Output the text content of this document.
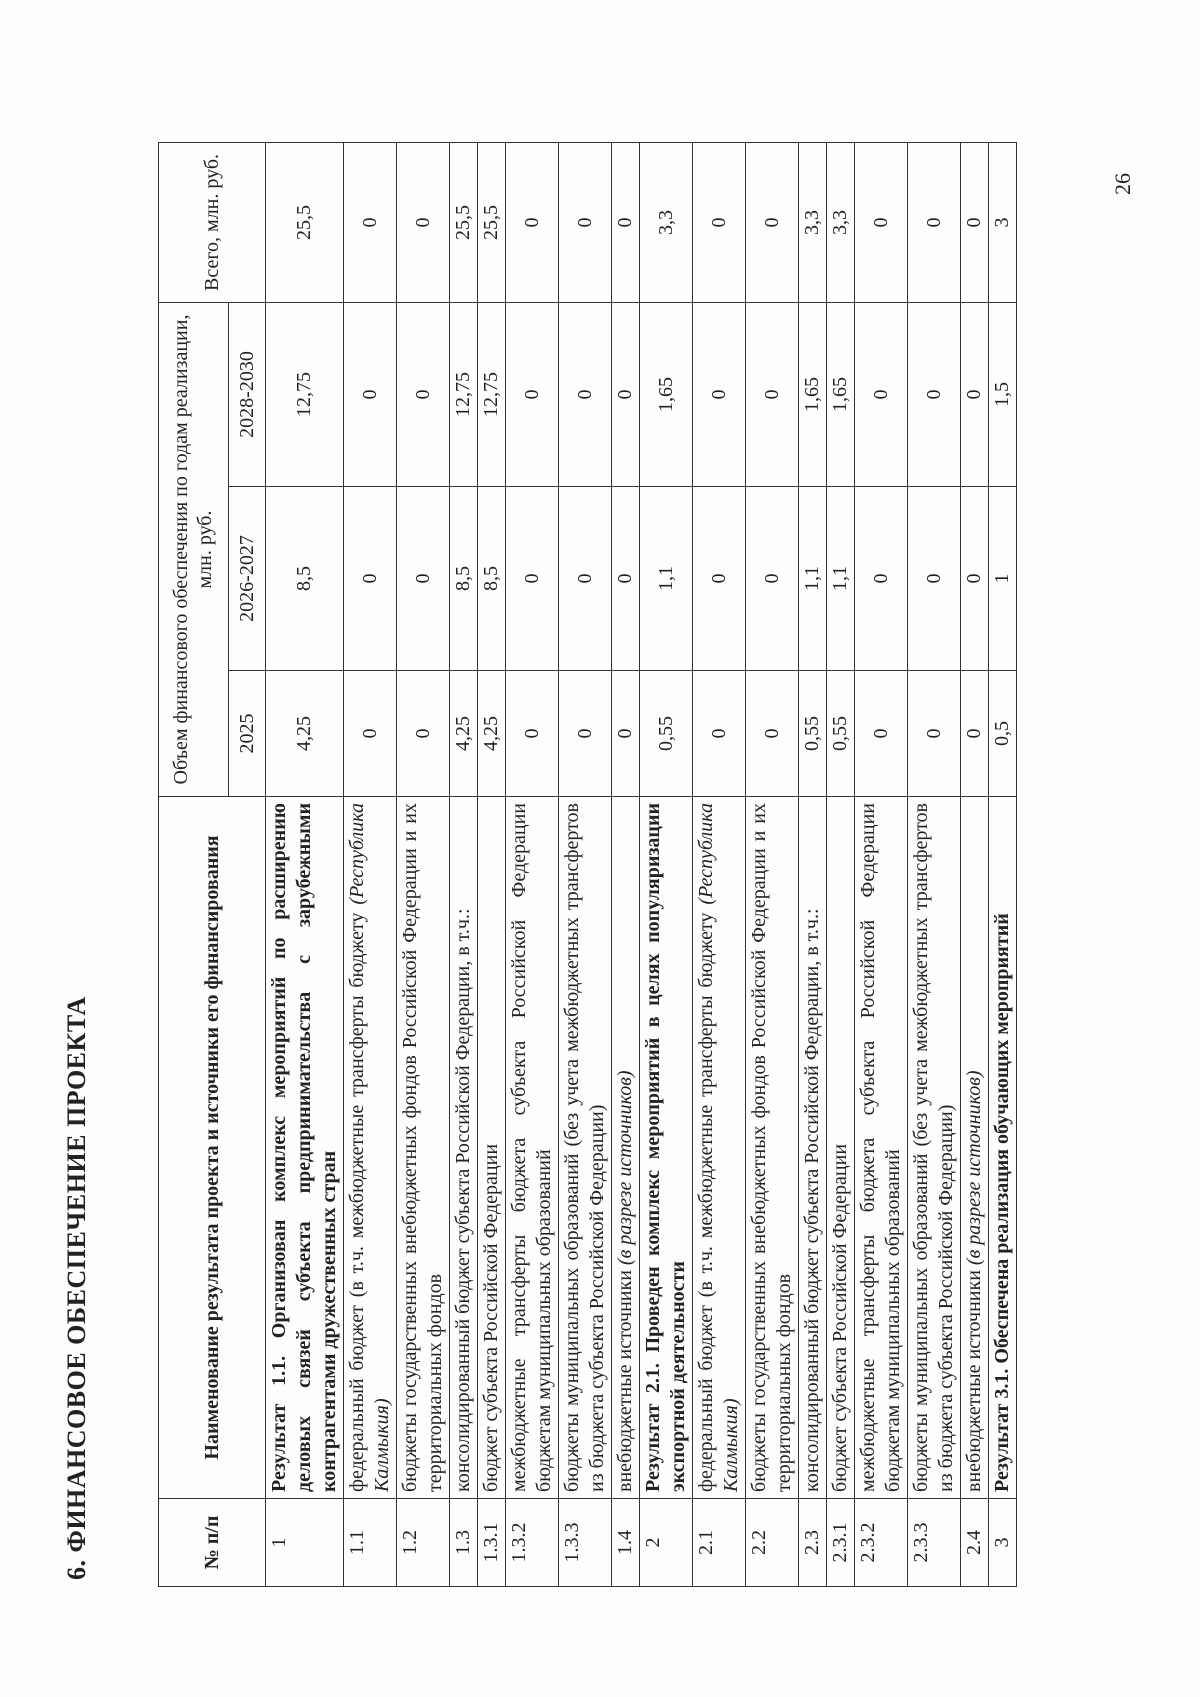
6. ФИНАНСОВОЕ ОБЕСПЕЧЕНИЕ ПРОЕКТА	№ п/п	Наименование результата проекта и источники его финансирования	Объем финансового обеспечения по годам реализации, млн. руб.			Всего, млн. руб.
		2025	2026-2027	2028-2030	
1	Результат 1.1. Организован комплекс мероприятий по расширению деловых связей субъекта предпринимательства с зарубежными контрагентами дружественных стран	4,25	8,5	12,75	25,5
1.1	федеральный бюджет (в т.ч. межбюджетные трансферты бюджету (Республика Калмыкия)	0	0	0	0
1.2	бюджеты государственных внебюджетных фондов Российской Федерации и их территориальных фондов	0	0	0	0
1.3	консолидированный бюджет субъекта Российской Федерации, в т.ч.:	4,25	8,5	12,75	25,5
1.3.1	бюджет субъекта Российской Федерации	4,25	8,5	12,75	25,5
1.3.2	межбюджетные трансферты бюджета субъекта Российской Федерации бюджетам муниципальных образований	0	0	0	0
1.3.3	бюджеты муниципальных образований (без учета межбюджетных трансфертов из бюджета субъекта Российской Федерации)	0	0	0	0
1.4	внебюджетные источники (в разрезе источников)	0	0	0	0
2	Результат 2.1. Проведен комплекс мероприятий в целях популяризации экспортной деятельности	0,55	1,1	1,65	3,3
2.1	федеральный бюджет (в т.ч. межбюджетные трансферты бюджету (Республика Калмыкия)	0	0	0	0
2.2	бюджеты государственных внебюджетных фондов Российской Федерации и их территориальных фондов	0	0	0	0
2.3	консолидированный бюджет субъекта Российской Федерации, в т.ч.:	0,55	1,1	1,65	3,3
2.3.1	бюджет субъекта Российской Федерации	0,55	1,1	1,65	3,3
2.3.2	межбюджетные трансферты бюджета субъекта Российской Федерации бюджетам муниципальных образований	0	0	0	0
2.3.3	бюджеты муниципальных образований (без учета межбюджетных трансфертов из бюджета субъекта Российской Федерации)	0	0	0	0
2.4	внебюджетные источники (в разрезе источников)	0	0	0	0
3	Результат 3.1. Обеспечена реализация обучающих мероприятий	0,5	1	1,5	3
26
